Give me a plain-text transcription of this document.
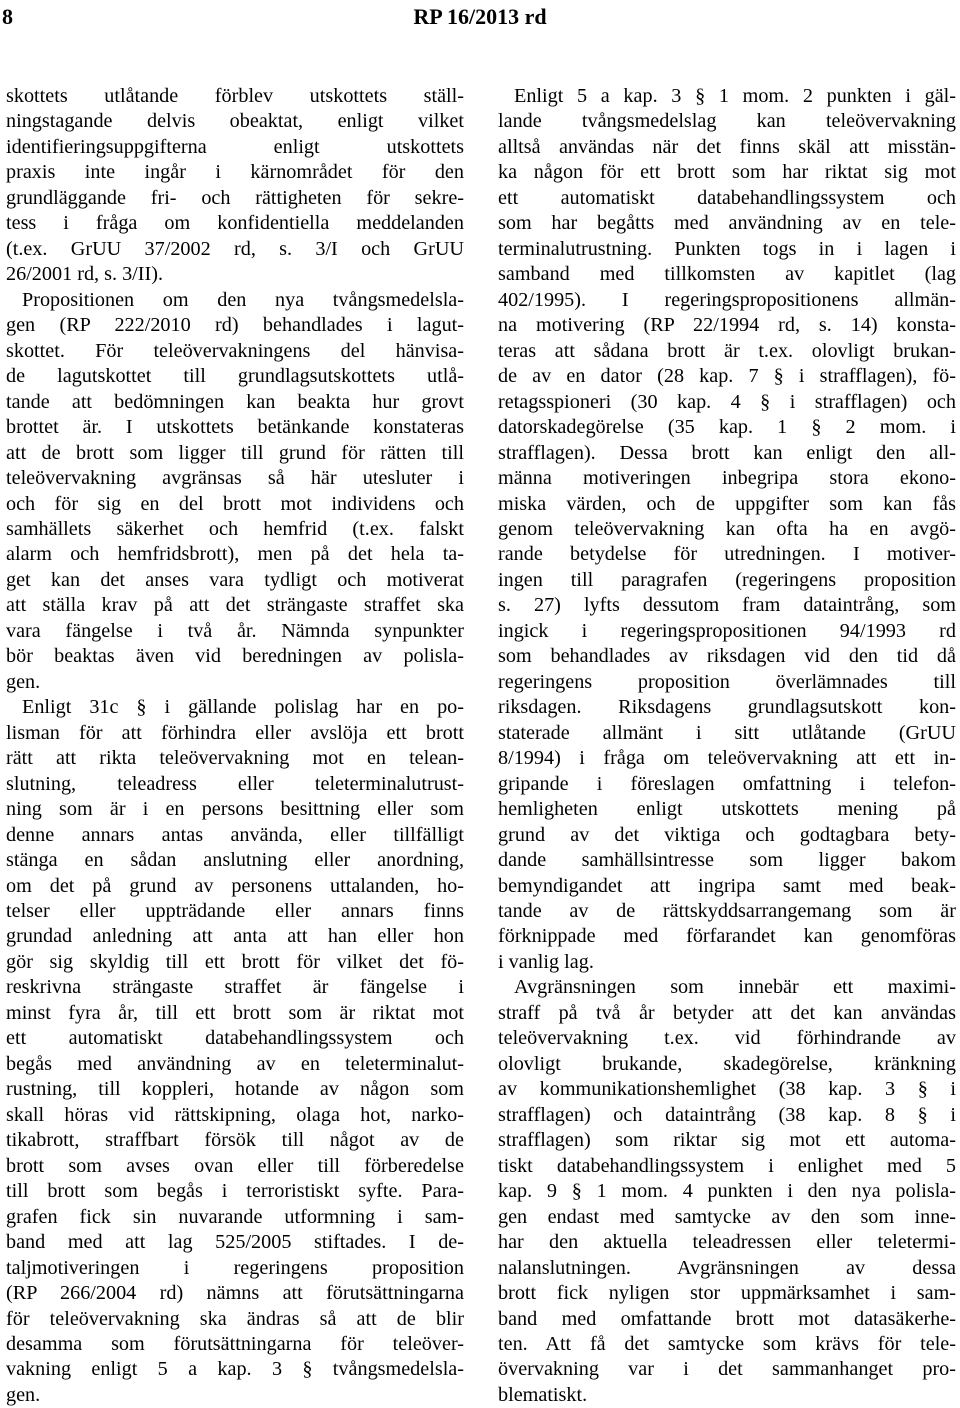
8	RP 16/2013 rd
skottets utlåtande förblev utskottets ställ-
ningstagande delvis obeaktat, enligt vilket
identifieringsuppgifterna enligt utskottets
praxis inte ingår i kärnområdet för den
grundläggande fri- och rättigheten för sekre-
tess i fråga om konfidentiella meddelanden
(t.ex. GrUU 37/2002 rd, s. 3/I och GrUU
26/2001 rd, s. 3/II).
Propositionen om den nya tvångsmedelsla-
gen (RP 222/2010 rd) behandlades i lagut-
skottet. För teleövervakningens del hänvisa-
de lagutskottet till grundlagsutskottets utlå-
tande att bedömningen kan beakta hur grovt
brottet är. I utskottets betänkande konstateras
att de brott som ligger till grund för rätten till
teleövervakning avgränsas så här utesluter i
och för sig en del brott mot individens och
samhällets säkerhet och hemfrid (t.ex. falskt
alarm och hemfridsbrott), men på det hela ta-
get kan det anses vara tydligt och motiverat
att ställa krav på att det strängaste straffet ska
vara fängelse i två år. Nämnda synpunkter
bör beaktas även vid beredningen av polisla-
gen.
Enligt 31c § i gällande polislag har en po-
lisman för att förhindra eller avslöja ett brott
rätt att rikta teleövervakning mot en telean-
slutning, teleadress eller teleterminalutrust-
ning som är i en persons besittning eller som
denne annars antas använda, eller tillfälligt
stänga en sådan anslutning eller anordning,
om det på grund av personens uttalanden, ho-
telser eller uppträdande eller annars finns
grundad anledning att anta att han eller hon
gör sig skyldig till ett brott för vilket det fö-
reskrivna strängaste straffet är fängelse i
minst fyra år, till ett brott som är riktat mot
ett automatiskt databehandlingssystem och
begås med användning av en teleterminalut-
rustning, till koppleri, hotande av någon som
skall höras vid rättskipning, olaga hot, narko-
tikabrott, straffbart försök till något av de
brott som avses ovan eller till förberedelse
till brott som begås i terroristiskt syfte. Para-
grafen fick sin nuvarande utformning i sam-
band med att lag 525/2005 stiftades. I de-
taljmotiveringen i regeringens proposition
(RP 266/2004 rd) nämns att förutsättningarna
för teleövervakning ska ändras så att de blir
desamma som förutsättningarna för teleöver-
vakning enligt 5 a kap. 3 § tvångsmedelsla-
gen.
Enligt 5 a kap. 3 § 1 mom. 2 punkten i gäl-
lande tvångsmedelslag kan teleövervakning
alltså användas när det finns skäl att misstän-
ka någon för ett brott som har riktat sig mot
ett automatiskt databehandlingssystem och
som har begåtts med användning av en tele-
terminalutrustning. Punkten togs in i lagen i
samband med tillkomsten av kapitlet (lag
402/1995). I regeringspropositionens allmän-
na motivering (RP 22/1994 rd, s. 14) konsta-
teras att sådana brott är t.ex. olovligt brukan-
de av en dator (28 kap. 7 § i strafflagen), fö-
retagsspioneri (30 kap. 4 § i strafflagen) och
datorskadegörelse (35 kap. 1 § 2 mom. i
strafflagen). Dessa brott kan enligt den all-
männa motiveringen inbegripa stora ekono-
miska värden, och de uppgifter som kan fås
genom teleövervakning kan ofta ha en avgö-
rande betydelse för utredningen. I motiver-
ingen till paragrafen (regeringens proposition
s. 27) lyfts dessutom fram dataintrång, som
ingick i regeringspropositionen 94/1993 rd
som behandlades av riksdagen vid den tid då
regeringens proposition överlämnades till
riksdagen. Riksdagens grundlagsutskott kon-
staterade allmänt i sitt utlåtande (GrUU
8/1994) i fråga om teleövervakning att ett in-
gripande i föreslagen omfattning i telefon-
hemligheten enligt utskottets mening på
grund av det viktiga och godtagbara bety-
dande samhällsintresse som ligger bakom
bemyndigandet att ingripa samt med beak-
tande av de rättskyddsarrangemang som är
förknippade med förfarandet kan genomföras
i vanlig lag.
Avgränsningen som innebär ett maximi-
straff på två år betyder att det kan användas
teleövervakning t.ex. vid förhindrande av
olovligt brukande, skadegörelse, kränkning
av kommunikationshemlighet (38 kap. 3 § i
strafflagen) och dataintrång (38 kap. 8 § i
strafflagen) som riktar sig mot ett automa-
tiskt databehandlingssystem i enlighet med 5
kap. 9 § 1 mom. 4 punkten i den nya polisla-
gen endast med samtycke av den som inne-
har den aktuella teleadressen eller teletermi-
nalanslutningen. Avgränsningen av dessa
brott fick nyligen stor uppmärksamhet i sam-
band med omfattande brott mot datasäkerhe-
ten. Att få det samtycke som krävs för tele-
övervakning var i det sammanhanget pro-
blematiskt.
